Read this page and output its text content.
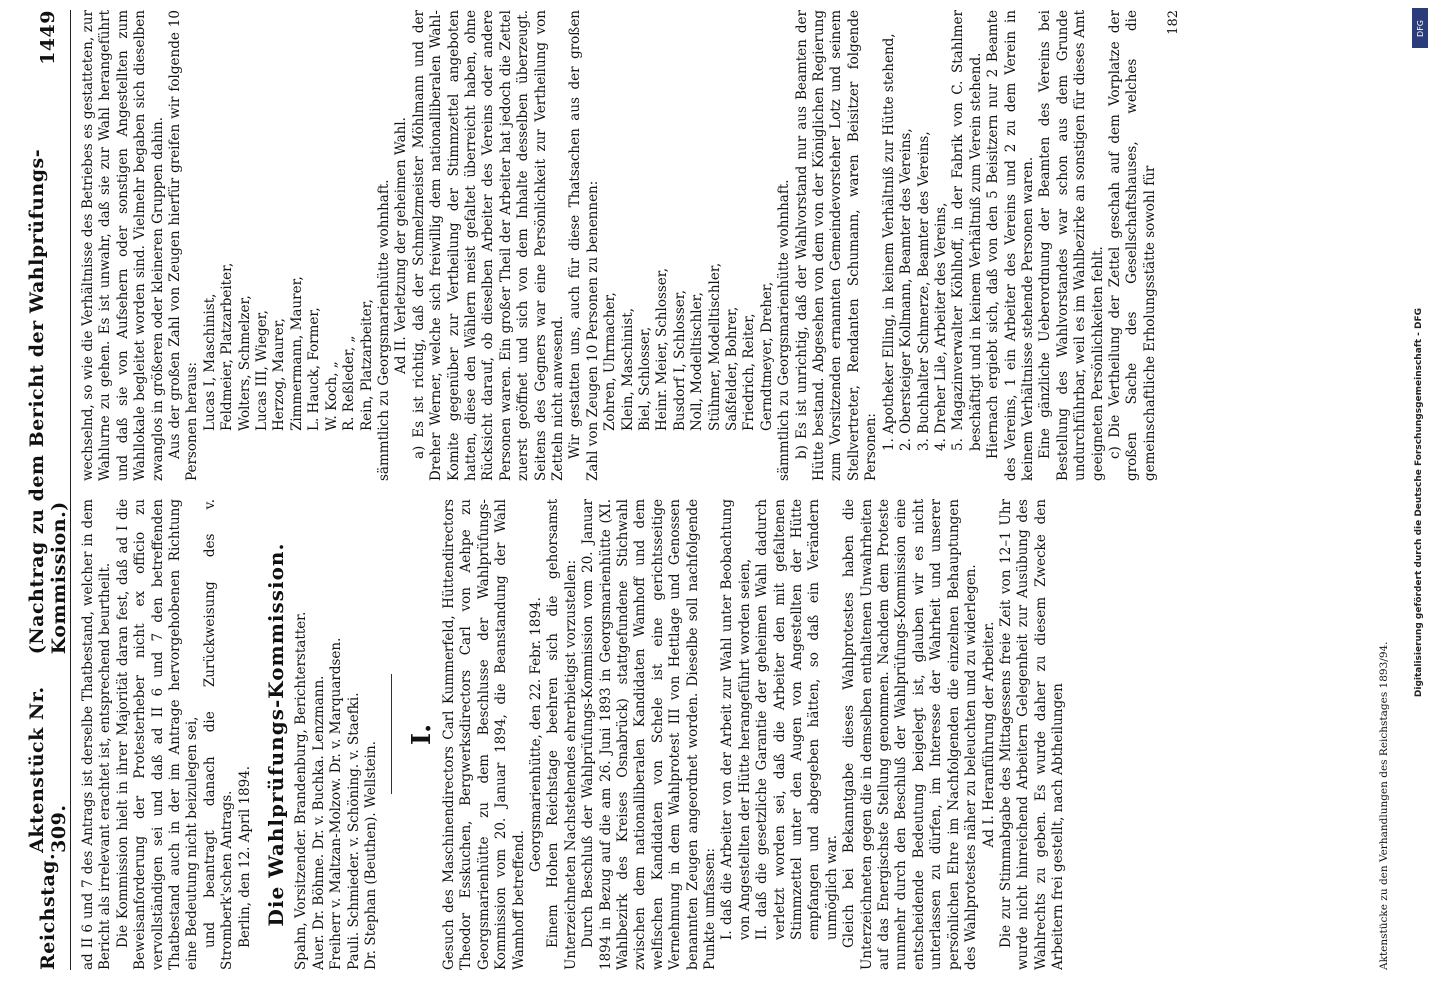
Reichstag.
Aktenstück Nr. 309.
(Nachtrag zu dem Bericht der Wahlprüfungs-Kommission.)
1449

ad II 6 und 7 des Antrags ist derselbe Thatbestand, welcher in dem Bericht als irrelevant erachtet ist, entsprechend beurtheilt. Die Kommission hielt in ihrer Majorität daran fest, daß ad I die Beweisanforderung der Protesterheber nicht ex officio zu vervollständigen sei und daß ad II 6 und 7 den betreffenden Thatbestand auch in der im Antrage hervorgehobenen Richtung eine Bedeutung nicht beizulegen sei, und beantragt danach die Zurückweisung des v. Stromberk'schen Antrags. Berlin, den 12. April 1894. Die Wahlprüfungs-Kommission. Spahn, Vorsitzender. Brandenburg, Berichterstatter. Auer. Dr. Böhme. Dr. v. Buchka. Lenzmann. Freiherr v. Maltzan-Molzow. Dr. v. Marquardsen. Pauli. Schmieder. v. Schöning. v. Staefki. Dr. Stephan (Beuthen). Wellstein.

I. Gesuch des Maschinendirectors Carl Kummerfeld, Hüttendirectors Theodor Esskuchen, Bergwerksdirectors Carl von Aehpe zu Georgsmarienhütte zu dem Beschlusse der Wahlprüfungs-Kommission vom 20. Januar 1894, die Beanstandung der Wahl Wamhoff betreffend.

Georgsmarienhütte, den 22. Febr. 1894. Einem Hohen Reichstage beehren sich die gehorsamst Unterzeichneten Nachstehendes ehrerbietigst vorzustellen: Durch Beschluß der Wahlprüfungs-Kommission vom 20. Januar 1894 in Bezug auf die am 26. Juni 1893 in Georgsmarienhütte (XI. Wahlbezirk des Kreises Osnabrück) stattgefundene Stichwahl zwischen dem nationalliberalen Kandidaten Wamhoff und dem welfischen Kandidaten von Schele ist eine gerichtsseitige Vernehmung in dem Wahlprotest III von Hettlage und Genossen benannten Zeugen angeordnet worden. Dieselbe soll nachfolgende Punkte umfassen: I. daß die Arbeiter von der Arbeit zur Wahl unter Beobachtung von Angestellten der Hütte herangeführt worden seien, II. daß die gesetzliche Garantie der geheimen Wahl dadurch verletzt worden sei, daß die Arbeiter den mit gefaltenen Stimmzettel unter den Augen von Angestellten der Hütte empfangen und abgegeben hätten, so daß ein Verändern unmöglich war. Gleich bei Bekanntgabe dieses Wahlprotestes haben die Unterzeichneten gegen die in demselben enthaltenen Unwahrheiten auf das Energischste Stellung genommen. Nachdem dem Proteste nunmehr durch den Beschluß der Wahlprüfungs-Kommission eine entscheidende Bedeutung beigelegt ist, glauben wir es nicht unterlassen zu dürfen, im Interesse der Wahrheit und unserer persönlichen Ehre im Nachfolgenden die einzelnen Behauptungen des Wahlprotestes näher zu beleuchten und zu widerlegen. Ad I. Heranführung der Arbeiter. Die zur Stimmabgabe des Mittagessens freie Zeit von 12–1 Uhr wurde nicht hinreichend Arbeitern Gelegenheit zur Ausübung des Wahlrechts zu geben. Es wurde daher zu diesem Zwecke den Arbeitern frei gestellt, nach Abtheilungen	Aktenstücke zu den Verhandlungen des Reichstages 1893/94.

wechselnd, so wie die Verhältnisse des Betriebes es gestatteten, zur Wahlurne zu gehen. Es ist unwahr, daß sie zur Wahl herangeführt und daß sie von Aufsehern oder sonstigen Angestellten zum Wahllokale begleitet worden sind. Vielmehr begaben sich dieselben zwanglos in größeren oder kleineren Gruppen dahin. Aus der großen Zahl von Zeugen hierfür greifen wir folgende 10 Personen heraus: Lucas I, Maschinist, Feldmeier, Platzarbeiter, Wolters, Schmelzer, Lucas III, Wieger, Herzog, Maurer, Zimmermann, Maurer, L. Hauck, Former, W. Koch, „ R. Reßleder, „ Rein, Platzarbeiter, sämmtlich zu Georgsmarienhütte wohnhaft. Ad II. Verletzung der geheimen Wahl. a) Es ist richtig, daß der Schmelzmeister Möhlmann und der Dreher Werner, welche sich freiwillig dem nationalliberalen Wahl-Komite gegenüber zur Vertheilung der Stimmzettel angeboten hatten, diese den Wählern meist gefaltet überreicht haben, ohne Rücksicht darauf, ob dieselben Arbeiter des Vereins oder andere Personen waren. Ein großer Theil der Arbeiter hat jedoch die Zettel zuerst geöffnet und sich von dem Inhalte desselben überzeugt. Seitens des Gegners war eine Persönlichkeit zur Vertheilung von Zetteln nicht anwesend. Wir gestatten uns, auch für diese Thatsachen aus der großen Zahl von Zeugen 10 Personen zu benennen: Zohren, Uhrmacher, Klein, Maschinist, Biel, Schlosser, Heinr. Meier, Schlosser, Busdorf I, Schlosser, Noll, Modelltischler, Stühmer, Modelltischler, Saßfelder, Bohrer, Friedrich, Reiter, Gerndtmeyer, Dreher, sämmtlich zu Georgsmarienhütte wohnhaft. b) Es ist unrichtig, daß der Wahlvorstand nur aus Beamten der Hütte bestand. Abgesehen von dem von der Königlichen Regierung zum Vorsitzenden ernannten Gemeindevorsteher Lotz und seinem Stellvertreter, Rendanten Schumann, waren Beisitzer folgende Personen: 1. Apotheker Elling, in keinem Verhältniß zur Hütte stehend, 2. Obersteiger Kollmann, Beamter des Vereins, 3. Buchhalter Schmerze, Beamter des Vereins, 4. Dreher Lile, Arbeiter des Vereins, 5. Magazinverwalter Köhlhoff, in der Fabrik von C. Stahlmer beschäftigt und in keinem Verhältniß zum Verein stehend. Hiernach ergiebt sich, daß von den 5 Beisitzern nur 2 Beamte des Vereins, 1 ein Arbeiter des Vereins und 2 zu dem Verein in keinem Verhältnisse stehende Personen waren. Eine gänzliche Ueberordnung der Beamten des Vereins bei Bestellung des Wahlvorstandes war schon aus dem Grunde undurchführbar, weil es im Wahlbezirke an sonstigen für dieses Amt geeigneten Persönlichkeiten fehlt. c) Die Vertheilung der Zettel geschah auf dem Vorplatze der großen Sache des Gesellschaftshauses, welches die gemeinschaftliche Erholungsstätte sowohl für

182
Digitalisierung gefördert durch die Deutsche Forschungsgemeinschaft - DFG
DFG
